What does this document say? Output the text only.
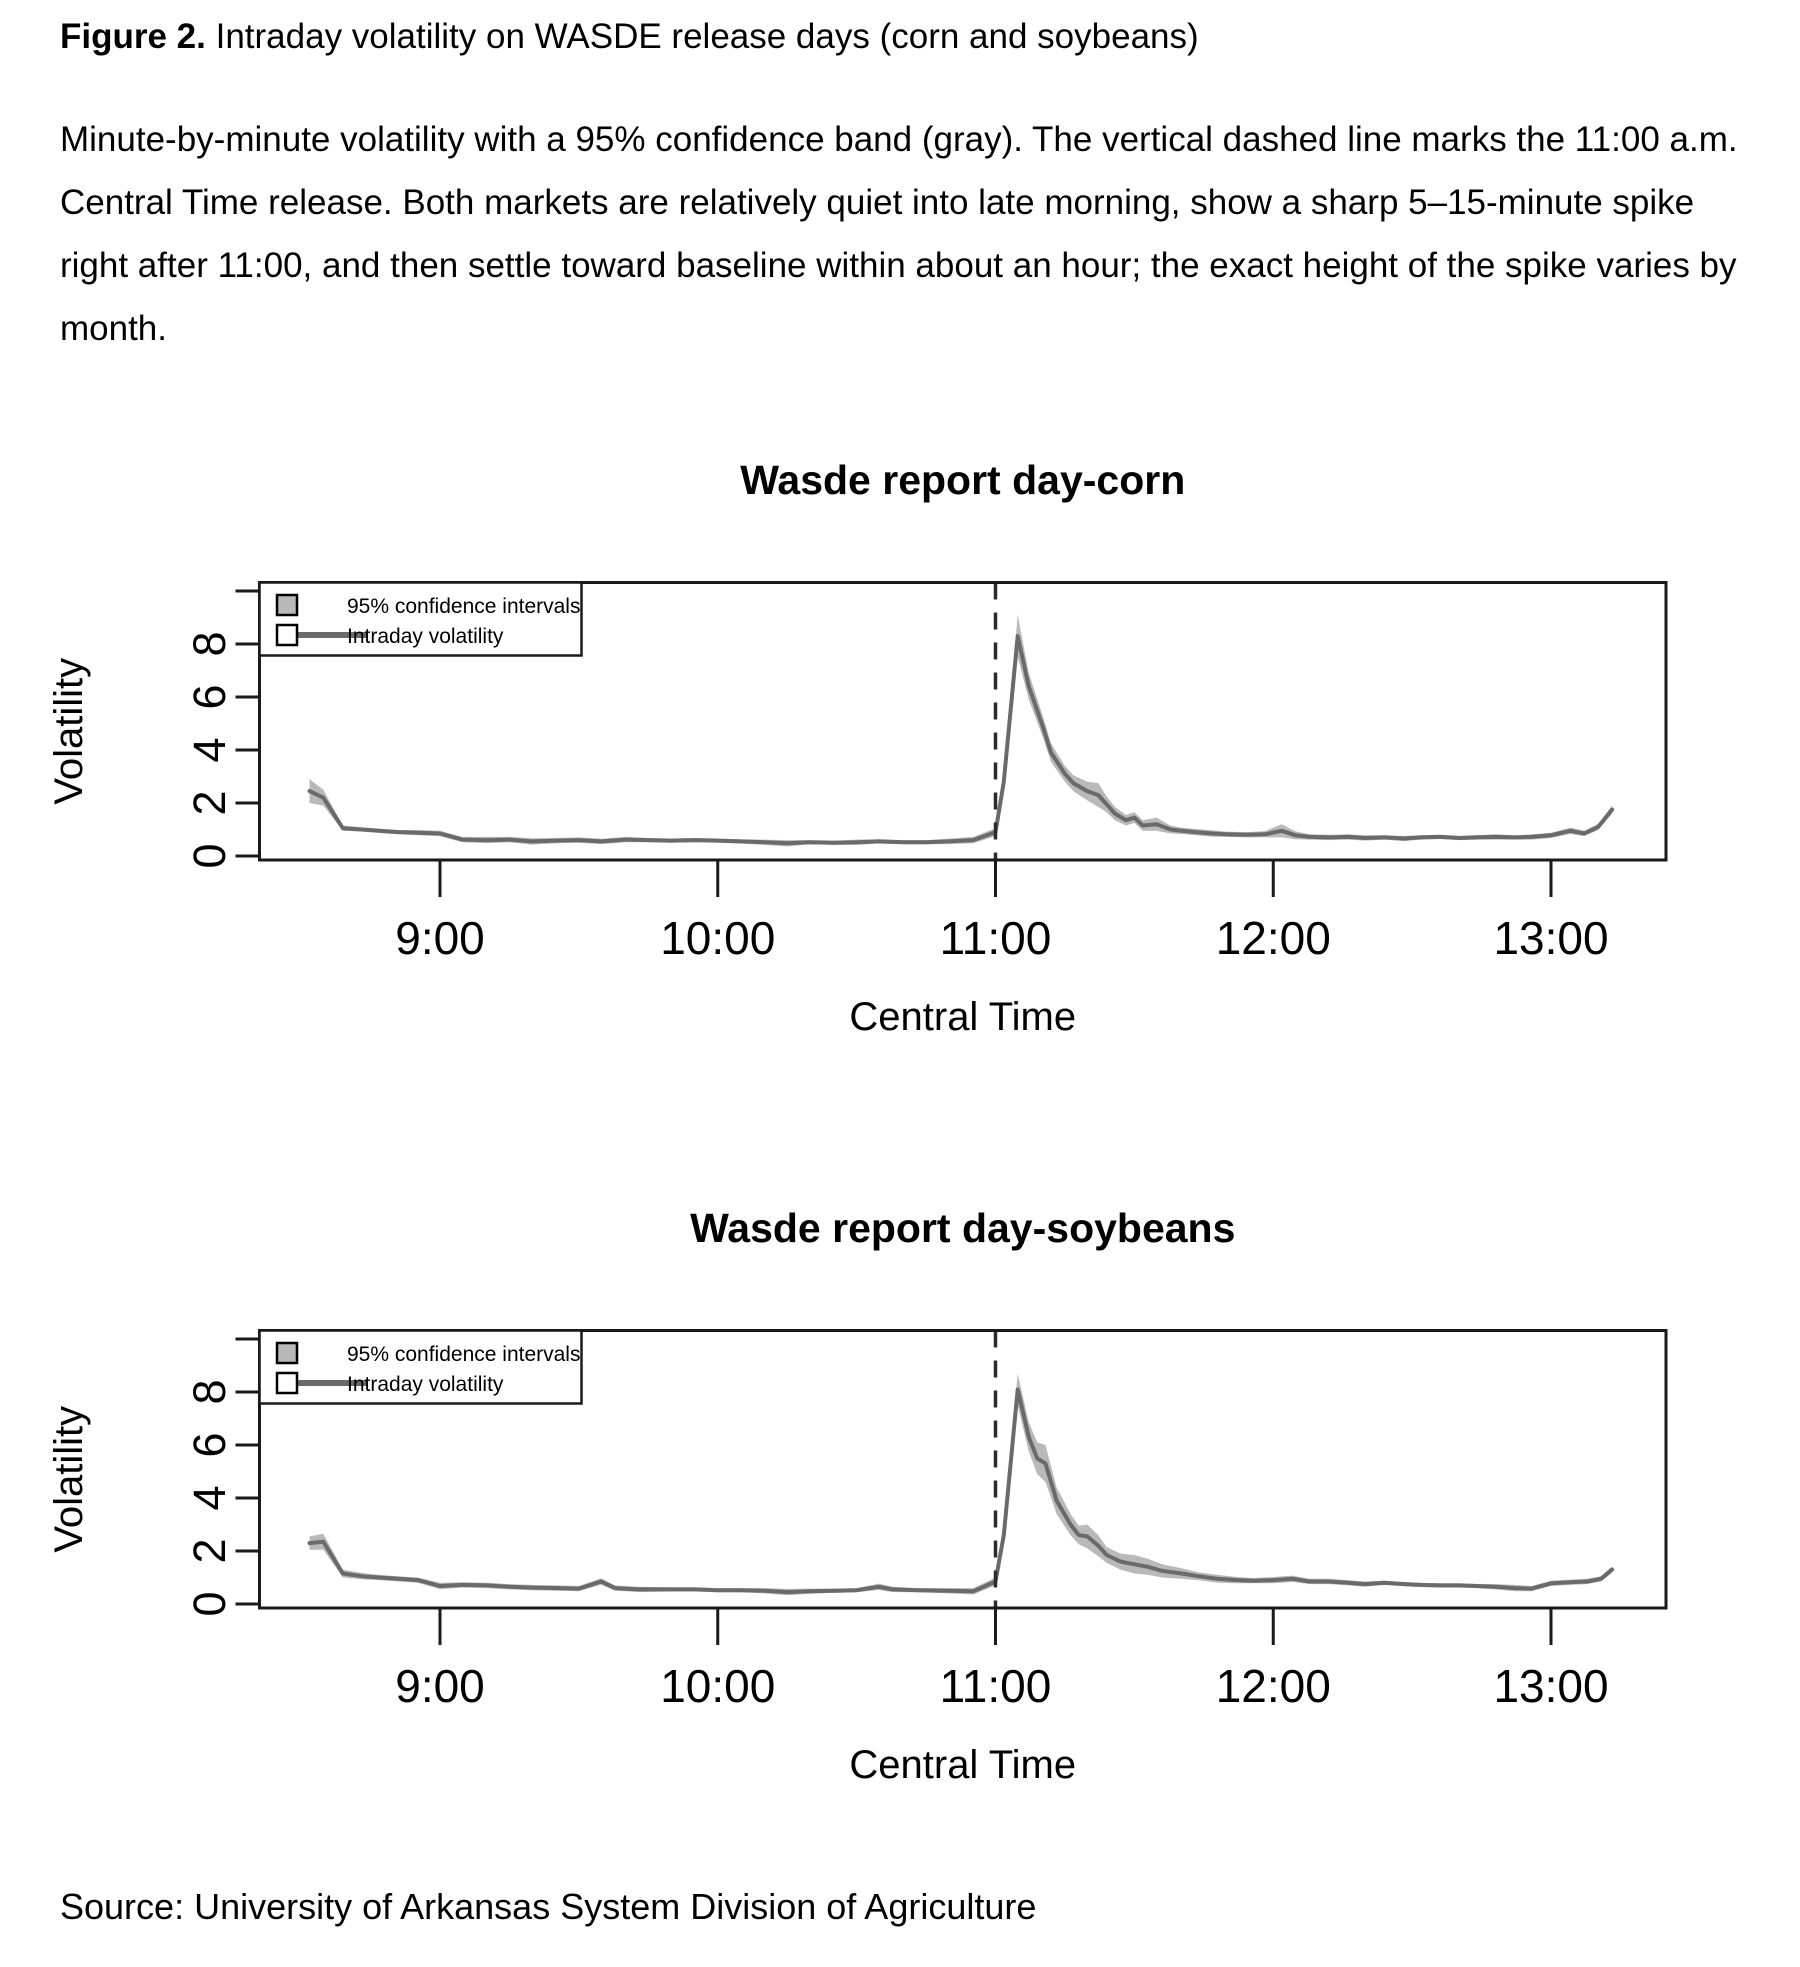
Figure 2. Intraday volatility on WASDE release days (corn and soybeans)
Minute-by-minute volatility with a 95% confidence band (gray). The vertical dashed line marks the 11:00 a.m. Central Time release. Both markets are relatively quiet into late morning, show a sharp 5–15-minute spike right after 11:00, and then settle toward baseline within about an hour; the exact height of the spike varies by month.
0
2
4
6
8
9:00	10:00	11:00	12:00	13:00
Wasde report day-corn
Central Time
Volatility
95% confidence intervals
Intraday volatility
0
2
4
6
8
9:00	10:00	11:00	12:00	13:00
Wasde report day-soybeans
Central Time
Volatility
95% confidence intervals
Intraday volatility
Source: University of Arkansas System Division of Agriculture
